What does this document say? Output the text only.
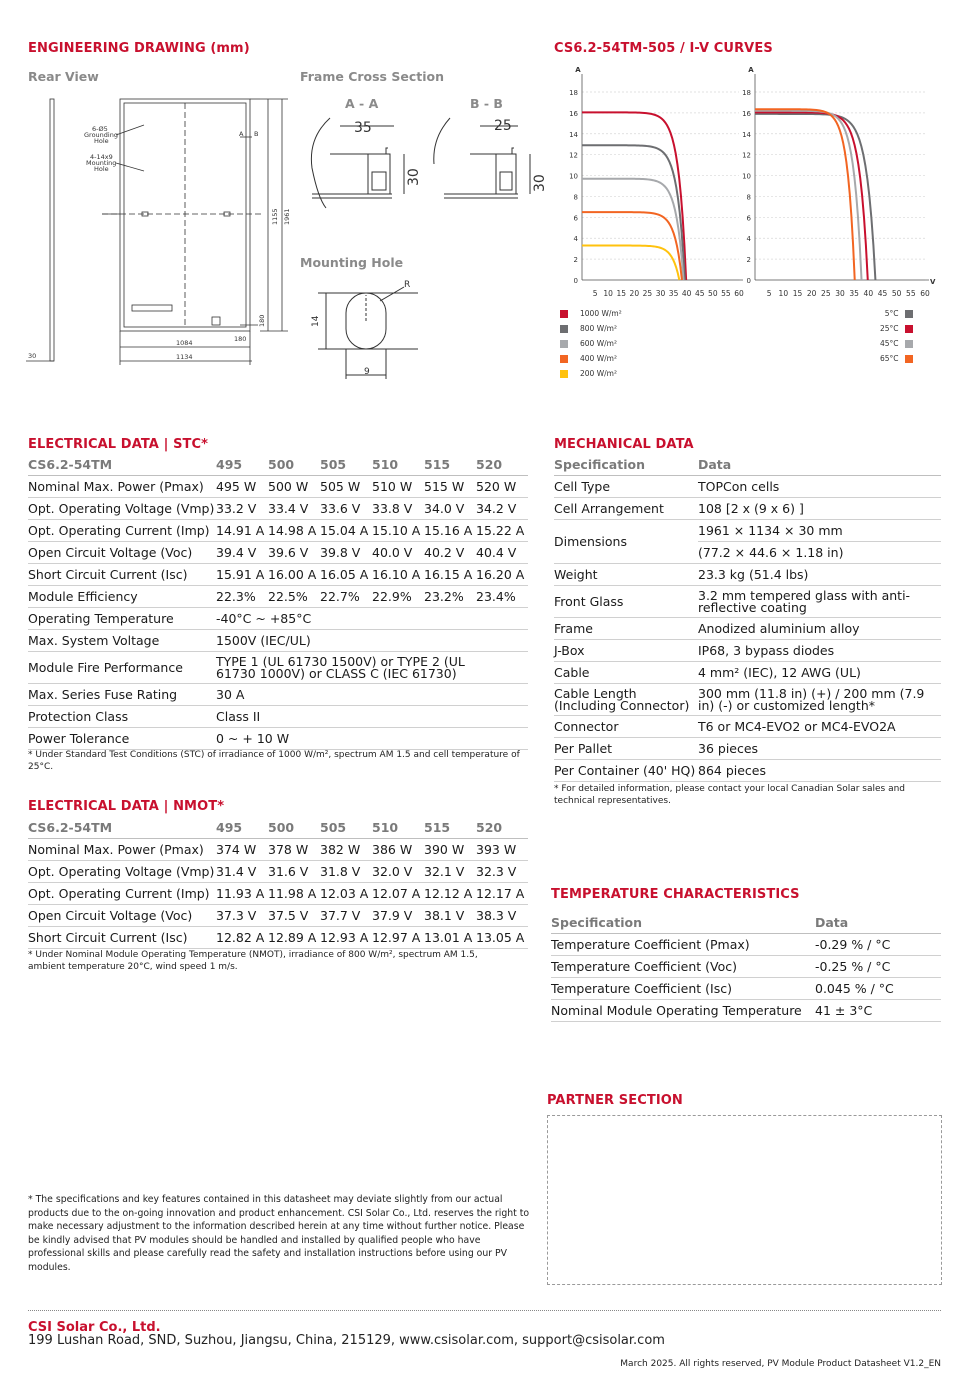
ENGINEERING DRAWING (mm)
Rear View	Frame Cross Section
A - A	B - B
Mounting Hole
6-Ø5 Grounding Hole
4-14x9 Mounting Hole
A B
1084
1134
30
180
1155 1961
180
35
30
25
30
R
14
9
CS6.2-54TM-505 / I-V CURVES
18
16
14
12
10
8
6
4
2
0
A
5 10 15 20 25 30 35 40 45 50 55 60
18
16
14
12
10
8
6
4
2
0
A
5 10 15 20 25 30 35 40 45 50 55 60
V
1000 W/m²
800 W/m²
600 W/m²
400 W/m²
200 W/m²
5°C
25°C
45°C
65°C
ELECTRICAL DATA | STC*
CS6.2-54TM	495	500	505	510	515	520
Nominal Max. Power (Pmax)	495 W	500 W	505 W	510 W	515 W	520 W
Opt. Operating Voltage (Vmp)	33.2 V	33.4 V	33.6 V	33.8 V	34.0 V	34.2 V
Opt. Operating Current (Imp)	14.91 A	14.98 A	15.04 A	15.10 A	15.16 A	15.22 A
Open Circuit Voltage (Voc)	39.4 V	39.6 V	39.8 V	40.0 V	40.2 V	40.4 V
Short Circuit Current (Isc)	15.91 A	16.00 A	16.05 A	16.10 A	16.15 A	16.20 A
Module Efficiency	22.3%	22.5%	22.7%	22.9%	23.2%	23.4%
Operating Temperature	-40°C ~ +85°C					
Max. System Voltage	1500V (IEC/UL)					
Module Fire Performance	TYPE 1 (UL 61730 1500V) or TYPE 2 (UL 61730 1000V) or CLASS C (IEC 61730)					
Max. Series Fuse Rating	30 A					
Protection Class	Class II					
Power Tolerance	0 ~ + 10 W					
* Under Standard Test Conditions (STC) of irradiance of 1000 W/m², spectrum AM 1.5 and cell temperature of 25°C.
ELECTRICAL DATA | NMOT*
CS6.2-54TM	495	500	505	510	515	520
Nominal Max. Power (Pmax)	374 W	378 W	382 W	386 W	390 W	393 W
Opt. Operating Voltage (Vmp)	31.4 V	31.6 V	31.8 V	32.0 V	32.1 V	32.3 V
Opt. Operating Current (Imp)	11.93 A	11.98 A	12.03 A	12.07 A	12.12 A	12.17 A
Open Circuit Voltage (Voc)	37.3 V	37.5 V	37.7 V	37.9 V	38.1 V	38.3 V
Short Circuit Current (Isc)	12.82 A	12.89 A	12.93 A	12.97 A	13.01 A	13.05 A
* Under Nominal Module Operating Temperature (NMOT), irradiance of 800 W/m², spectrum AM 1.5, ambient temperature 20°C, wind speed 1 m/s.
MECHANICAL DATA
Specification	Data
Cell Type	TOPCon cells
Cell Arrangement	108 [2 x (9 x 6) ]
Dimensions	1961 × 1134 × 30 mm
	(77.2 × 44.6 × 1.18 in)
Weight	23.3 kg (51.4 lbs)
Front Glass	3.2 mm tempered glass with anti-reflective coating
Frame	Anodized aluminium alloy
J-Box	IP68, 3 bypass diodes
Cable	4 mm² (IEC), 12 AWG (UL)
Cable Length (Including Connector)	300 mm (11.8 in) (+) / 200 mm (7.9 in) (-) or customized length*
Connector	T6 or MC4-EVO2 or MC4-EVO2A
Per Pallet	36 pieces
Per Container (40' HQ)	864 pieces
* For detailed information, please contact your local Canadian Solar sales and technical representatives.
TEMPERATURE CHARACTERISTICS
Specification	Data
Temperature Coefficient (Pmax)	-0.29 % / °C
Temperature Coefficient (Voc)	-0.25 % / °C
Temperature Coefficient (Isc)	0.045 % / °C
Nominal Module Operating Temperature	41 ± 3°C
PARTNER SECTION
* The specifications and key features contained in this datasheet may deviate slightly from our actual products due to the on-going innovation and product enhancement. CSI Solar Co., Ltd. reserves the right to make necessary adjustment to the information described herein at any time without further notice. Please be kindly advised that PV modules should be handled and installed by qualified people who have professional skills and please carefully read the safety and installation instructions before using our PV modules.
CSI Solar Co., Ltd.
199 Lushan Road, SND, Suzhou, Jiangsu, China, 215129, www.csisolar.com, support@csisolar.com
March 2025. All rights reserved, PV Module Product Datasheet V1.2_EN
